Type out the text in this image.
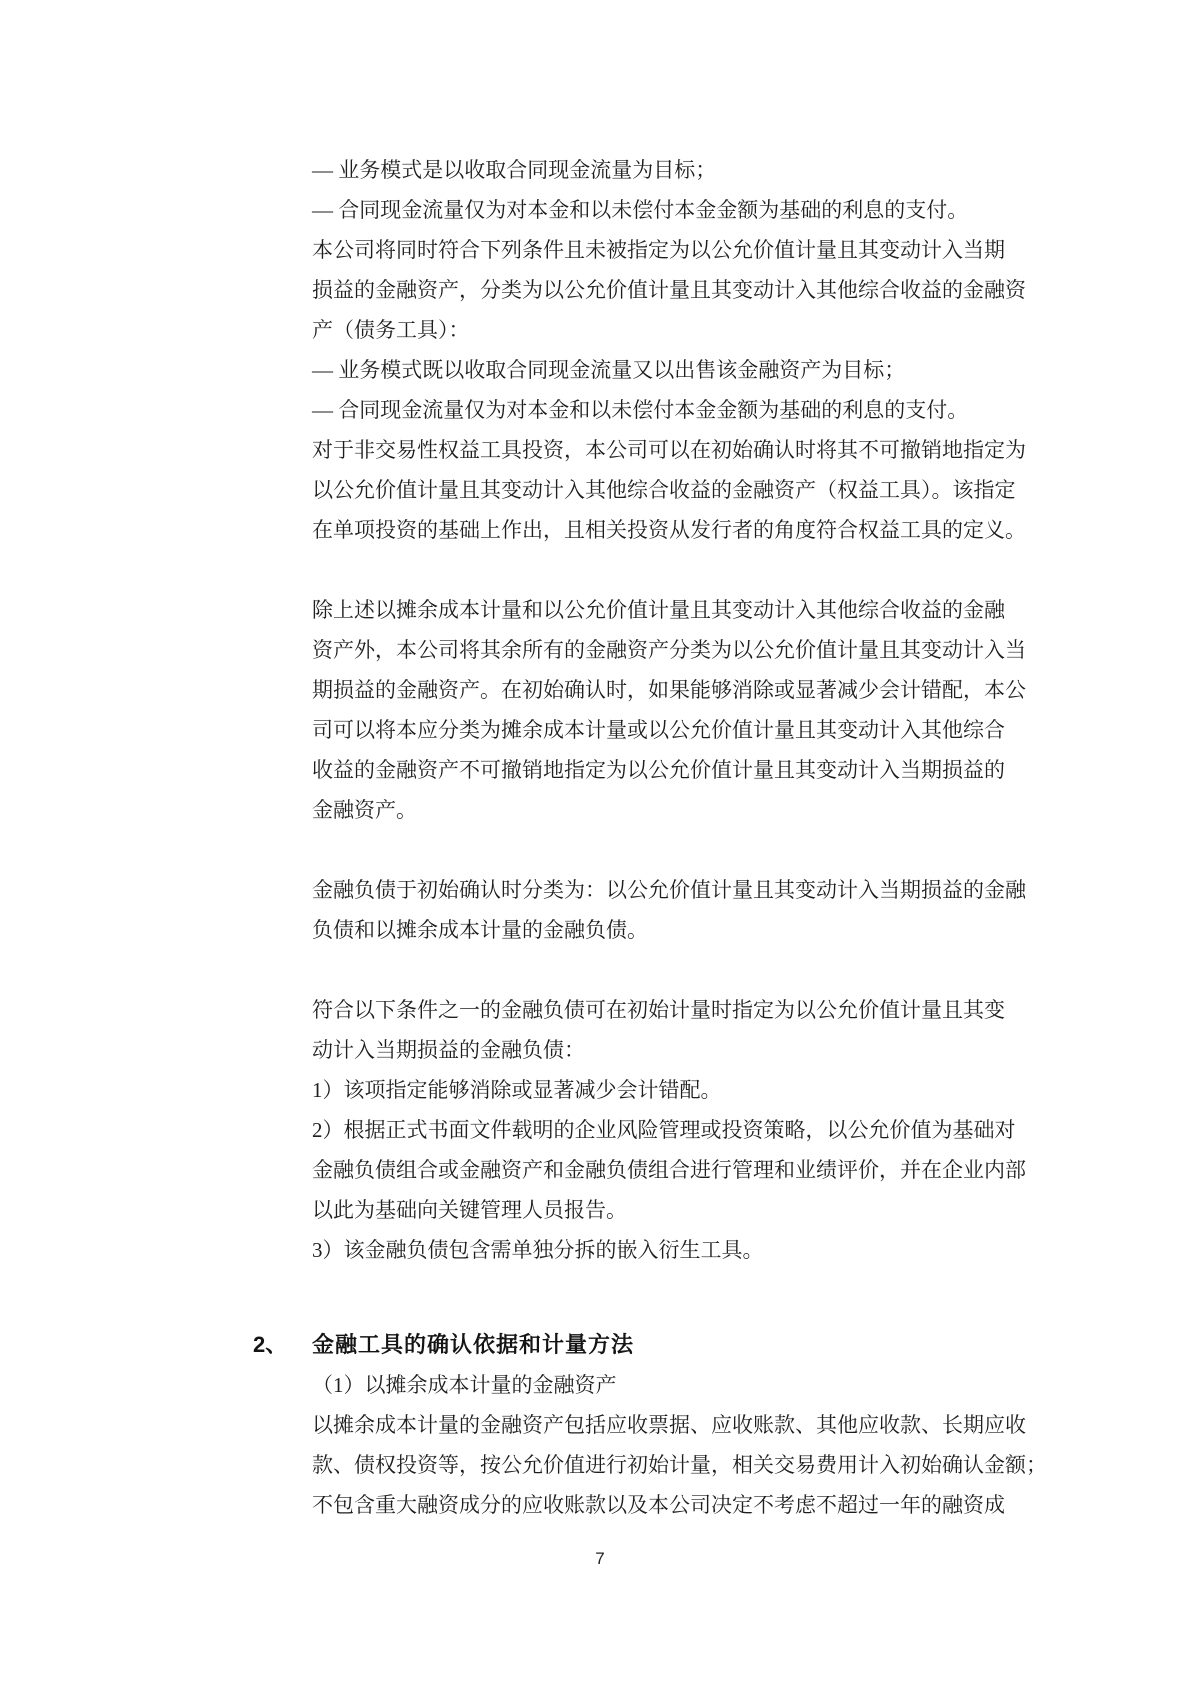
— 业务模式是以收取合同现金流量为目标；
— 合同现金流量仅为对本金和以未偿付本金金额为基础的利息的支付。
本公司将同时符合下列条件且未被指定为以公允价值计量且其变动计入当期
损益的金融资产，分类为以公允价值计量且其变动计入其他综合收益的金融资
产（债务工具）：
— 业务模式既以收取合同现金流量又以出售该金融资产为目标；
— 合同现金流量仅为对本金和以未偿付本金金额为基础的利息的支付。
对于非交易性权益工具投资，本公司可以在初始确认时将其不可撤销地指定为
以公允价值计量且其变动计入其他综合收益的金融资产（权益工具）。该指定
在单项投资的基础上作出，且相关投资从发行者的角度符合权益工具的定义。
除上述以摊余成本计量和以公允价值计量且其变动计入其他综合收益的金融
资产外，本公司将其余所有的金融资产分类为以公允价值计量且其变动计入当
期损益的金融资产。在初始确认时，如果能够消除或显著减少会计错配，本公
司可以将本应分类为摊余成本计量或以公允价值计量且其变动计入其他综合
收益的金融资产不可撤销地指定为以公允价值计量且其变动计入当期损益的
金融资产。
金融负债于初始确认时分类为：以公允价值计量且其变动计入当期损益的金融
负债和以摊余成本计量的金融负债。
符合以下条件之一的金融负债可在初始计量时指定为以公允价值计量且其变
动计入当期损益的金融负债：
1）该项指定能够消除或显著减少会计错配。
2）根据正式书面文件载明的企业风险管理或投资策略，以公允价值为基础对
金融负债组合或金融资产和金融负债组合进行管理和业绩评价，并在企业内部
以此为基础向关键管理人员报告。
3）该金融负债包含需单独分拆的嵌入衍生工具。
2、 金融工具的确认依据和计量方法
（1）以摊余成本计量的金融资产
以摊余成本计量的金融资产包括应收票据、应收账款、其他应收款、长期应收
款、债权投资等，按公允价值进行初始计量，相关交易费用计入初始确认金额；
不包含重大融资成分的应收账款以及本公司决定不考虑不超过一年的融资成
7
